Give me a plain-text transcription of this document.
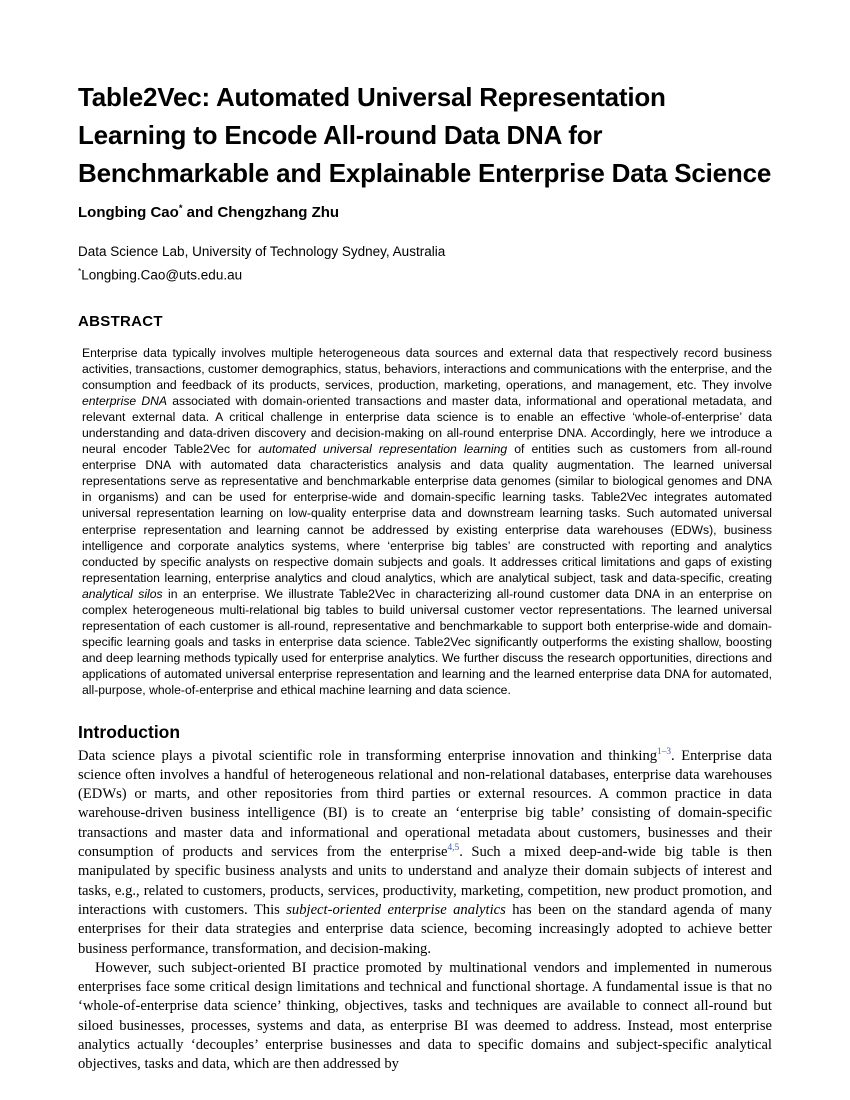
Table2Vec: Automated Universal Representation Learning to Encode All-round Data DNA for Benchmarkable and Explainable Enterprise Data Science
Longbing Cao* and Chengzhang Zhu
Data Science Lab, University of Technology Sydney, Australia
*Longbing.Cao@uts.edu.au
ABSTRACT
Enterprise data typically involves multiple heterogeneous data sources and external data that respectively record business activities, transactions, customer demographics, status, behaviors, interactions and communications with the enterprise, and the consumption and feedback of its products, services, production, marketing, operations, and management, etc. They involve enterprise DNA associated with domain-oriented transactions and master data, informational and operational metadata, and relevant external data. A critical challenge in enterprise data science is to enable an effective ‘whole-of-enterprise’ data understanding and data-driven discovery and decision-making on all-round enterprise DNA. Accordingly, here we introduce a neural encoder Table2Vec for automated universal representation learning of entities such as customers from all-round enterprise DNA with automated data characteristics analysis and data quality augmentation. The learned universal representations serve as representative and benchmarkable enterprise data genomes (similar to biological genomes and DNA in organisms) and can be used for enterprise-wide and domain-specific learning tasks. Table2Vec integrates automated universal representation learning on low-quality enterprise data and downstream learning tasks. Such automated universal enterprise representation and learning cannot be addressed by existing enterprise data warehouses (EDWs), business intelligence and corporate analytics systems, where ‘enterprise big tables’ are constructed with reporting and analytics conducted by specific analysts on respective domain subjects and goals. It addresses critical limitations and gaps of existing representation learning, enterprise analytics and cloud analytics, which are analytical subject, task and data-specific, creating analytical silos in an enterprise. We illustrate Table2Vec in characterizing all-round customer data DNA in an enterprise on complex heterogeneous multi-relational big tables to build universal customer vector representations. The learned universal representation of each customer is all-round, representative and benchmarkable to support both enterprise-wide and domain-specific learning goals and tasks in enterprise data science. Table2Vec significantly outperforms the existing shallow, boosting and deep learning methods typically used for enterprise analytics. We further discuss the research opportunities, directions and applications of automated universal enterprise representation and learning and the learned enterprise data DNA for automated, all-purpose, whole-of-enterprise and ethical machine learning and data science.
Introduction

Data science plays a pivotal scientific role in transforming enterprise innovation and thinking$^{1-3}$. Enterprise data science often involves a handful of heterogeneous relational and non-relational databases, enterprise data warehouses (EDWs) or marts, and other repositories from third parties or external resources. A common practice in data warehouse-driven business intelligence (BI) is to create an ‘enterprise big table’ consisting of domain-specific transactions and master data and informational and operational metadata about customers, businesses and their consumption of products and services from the enterprise$^{4,5}$. Such a mixed deep-and-wide big table is then manipulated by specific business analysts and units to understand and analyze their domain subjects of interest and tasks, e.g., related to customers, products, services, productivity, marketing, competition, new product promotion, and interactions with customers. This subject-oriented enterprise analytics has been on the standard agenda of many enterprises for their data strategies and enterprise data science, becoming increasingly adopted to achieve better business performance, transformation, and decision-making.

However, such subject-oriented BI practice promoted by multinational vendors and implemented in numerous enterprises face some critical design limitations and technical and functional shortage. A fundamental issue is that no ‘whole-of-enterprise data science’ thinking, objectives, tasks and techniques are available to connect all-round but siloed businesses, processes, systems and data, as enterprise BI was deemed to address. Instead, most enterprise analytics actually ‘decouples’ enterprise businesses and data to specific domains and subject-specific analytical objectives, tasks and data, which are then addressed by
